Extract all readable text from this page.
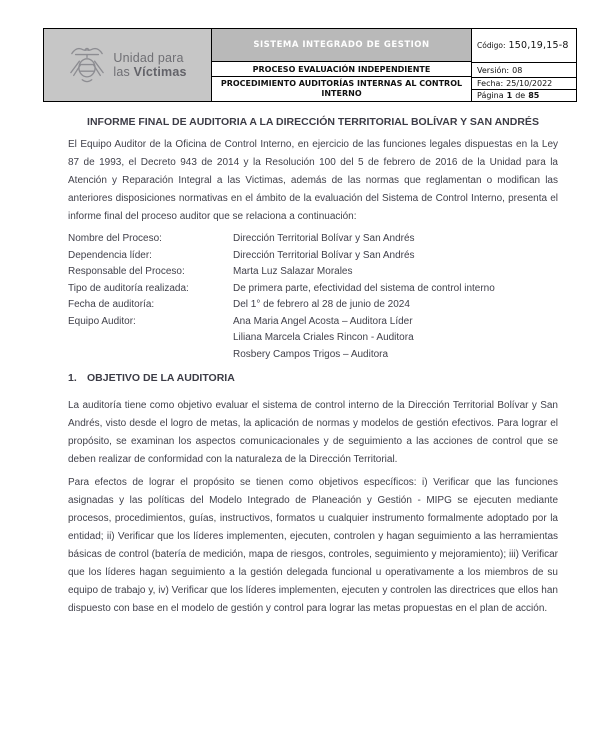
Unidad para
las Víctimas
SISTEMA INTEGRADO DE GESTION
PROCESO EVALUACIÓN INDEPENDIENTE
PROCEDIMIENTO AUDITORÍAS INTERNAS AL CONTROL INTERNO
Código: 150,19,15-8
Versión: 08
Fecha: 25/10/2022
Página 1 de 85
INFORME FINAL DE AUDITORIA A LA DIRECCIÓN TERRITORIAL BOLÍVAR Y SAN ANDRÉS

El Equipo Auditor de la Oficina de Control Interno, en ejercicio de las funciones legales dispuestas en la Ley 87 de 1993, el Decreto 943 de 2014 y la Resolución 100 del 5 de febrero de 2016 de la Unidad para la Atención y Reparación Integral a las Victimas, además de las normas que reglamentan o modifican las anteriores disposiciones normativas en el ámbito de la evaluación del Sistema de Control Interno, presenta el informe final del proceso auditor que se relaciona a continuación:

Nombre del Proceso:	Dirección Territorial Bolívar y San Andrés
Dependencia líder:	Dirección Territorial Bolívar y San Andrés
Responsable del Proceso:	Marta Luz Salazar Morales
Tipo de auditoría realizada:	De primera parte, efectividad del sistema de control interno
Fecha de auditoría:	Del 1° de febrero al 28 de junio de 2024
Equipo Auditor:	Ana Maria Angel Acosta – Auditora Líder
Liliana Marcela Criales Rincon - Auditora
Rosbery Campos Trigos – Auditora
1. OBJETIVO DE LA AUDITORIA

La auditoría tiene como objetivo evaluar el sistema de control interno de la Dirección Territorial Bolívar y San Andrés, visto desde el logro de metas, la aplicación de normas y modelos de gestión efectivos. Para lograr el propósito, se examinan los aspectos comunicacionales y de seguimiento a las acciones de control que se deben realizar de conformidad con la naturaleza de la Dirección Territorial.

Para efectos de lograr el propósito se tienen como objetivos específicos: i) Verificar que las funciones asignadas y las políticas del Modelo Integrado de Planeación y Gestión - MIPG se ejecuten mediante procesos, procedimientos, guías, instructivos, formatos u cualquier instrumento formalmente adoptado por la entidad; ii) Verificar que los líderes implementen, ejecuten, controlen y hagan seguimiento a las herramientas básicas de control (batería de medición, mapa de riesgos, controles, seguimiento y mejoramiento); iii) Verificar que los líderes hagan seguimiento a la gestión delegada funcional u operativamente a los miembros de su equipo de trabajo y, iv) Verificar que los líderes implementen, ejecuten y controlen las directrices que ellos han dispuesto con base en el modelo de gestión y control para lograr las metas propuestas en el plan de acción.
